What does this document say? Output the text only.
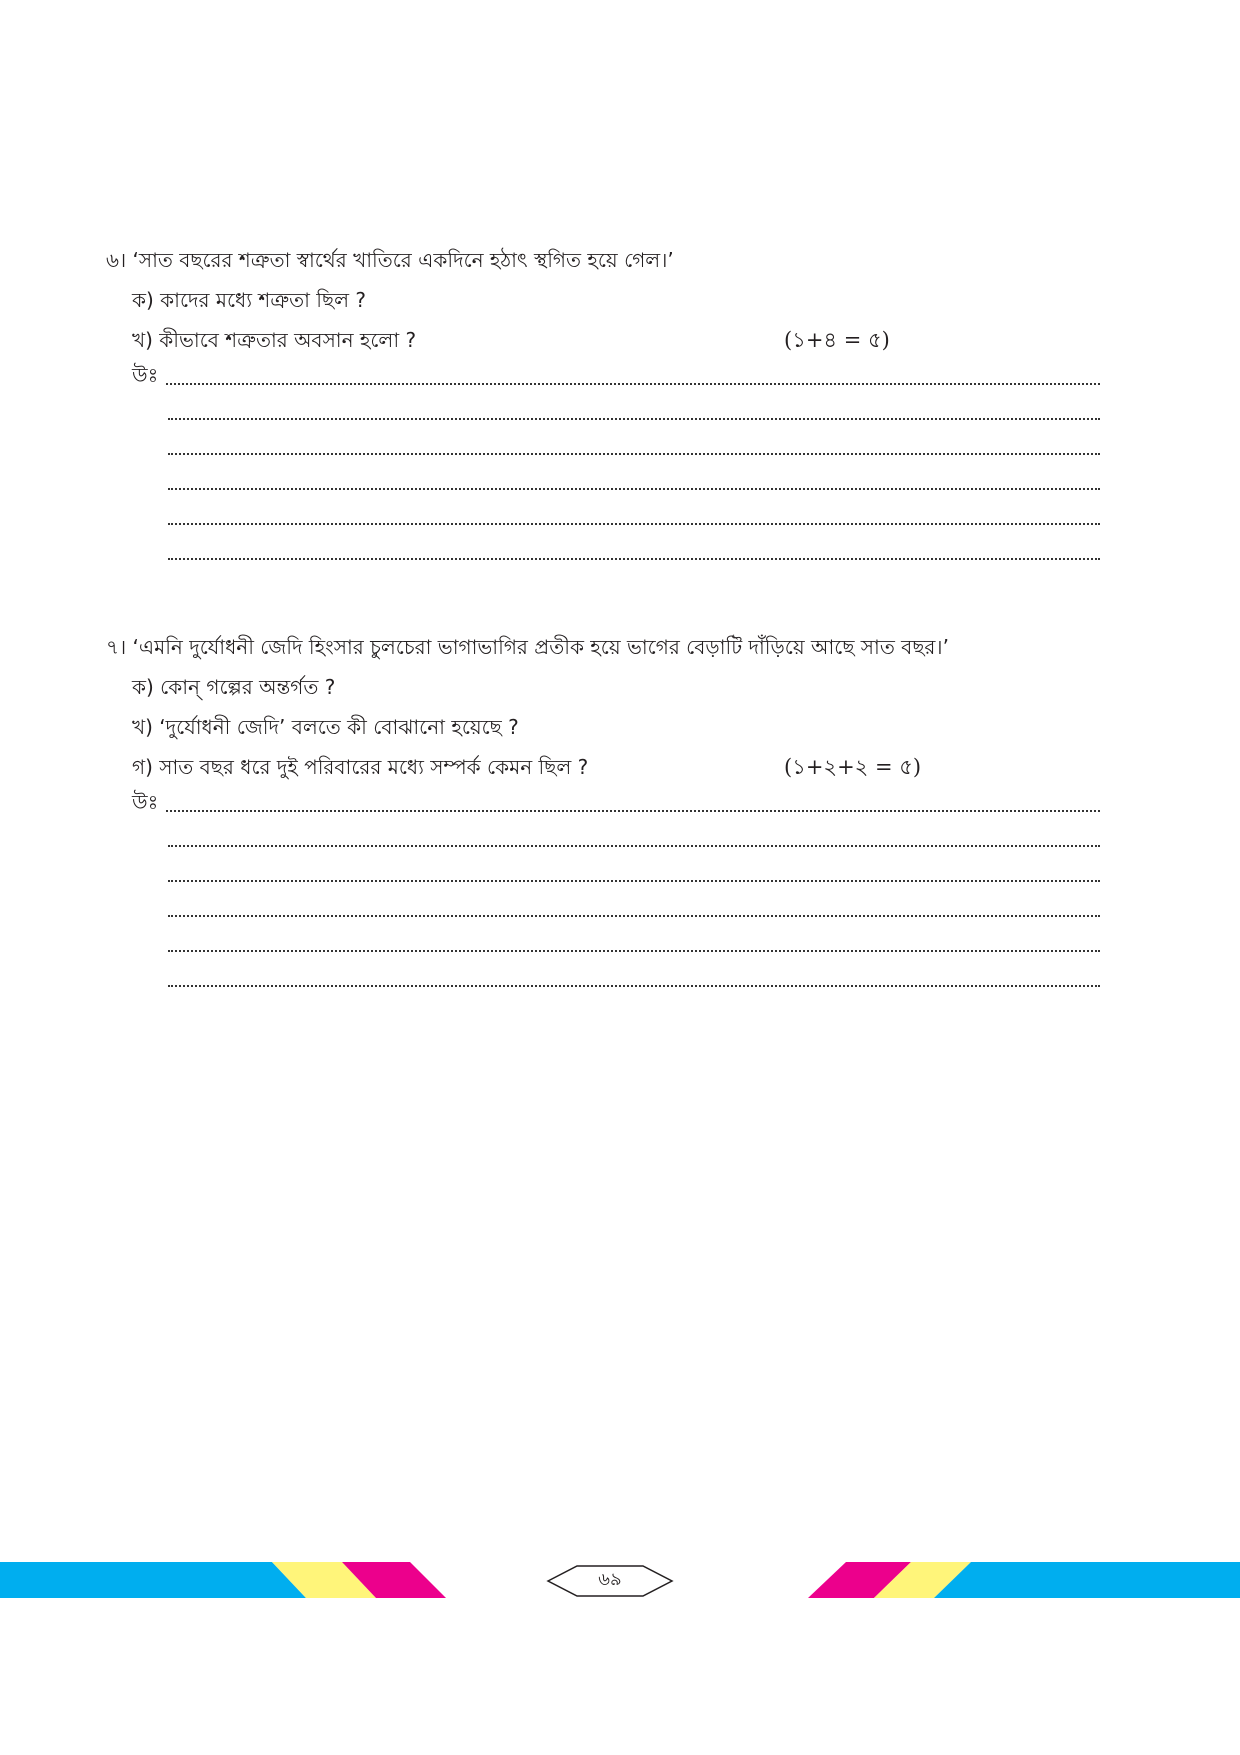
৬। ‘সাত বছরের শত্রুতা স্বার্থের খাতিরে একদিনে হঠাৎ স্থগিত হয়ে গেল।’
ক) কাদের মধ্যে শত্রুতা ছিল ?
খ) কীভাবে শত্রুতার অবসান হলো ?	(১+৪ = ৫)
উঃ
৭। ‘এমনি দুর্যোধনী জেদি হিংসার চুলচেরা ভাগাভাগির প্রতীক হয়ে ভাগের বেড়াটি দাঁড়িয়ে আছে সাত বছর।’
ক) কোন্ গল্পের অন্তর্গত ?
খ) ‘দুর্যোধনী জেদি’ বলতে কী বোঝানো হয়েছে ?
গ) সাত বছর ধরে দুই পরিবারের মধ্যে সম্পর্ক কেমন ছিল ?	(১+২+২ = ৫)
উঃ
৬৯
